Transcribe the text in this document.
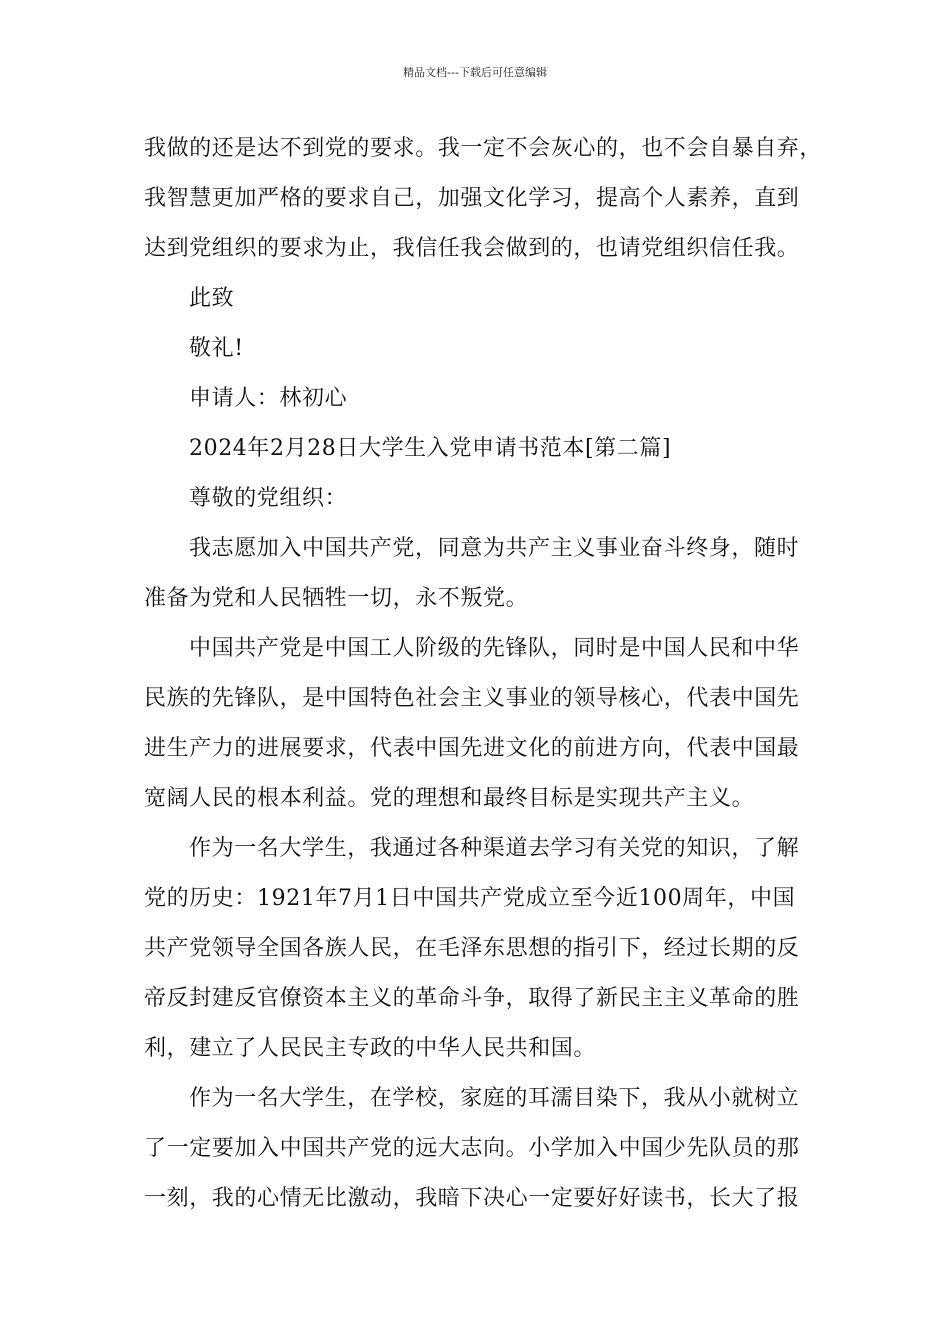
精品文档---下载后可任意编辑
我做的还是达不到党的要求。我一定不会灰心的，也不会自暴自弃，
我智慧更加严格的要求自己，加强文化学习，提高个人素养，直到
达到党组织的要求为止，我信任我会做到的，也请党组织信任我。
此致
敬礼!
申请人：林初心
2024年2月28日大学生入党申请书范本[第二篇]
尊敬的党组织：
我志愿加入中国共产党，同意为共产主义事业奋斗终身，随时
准备为党和人民牺牲一切，永不叛党。
中国共产党是中国工人阶级的先锋队，同时是中国人民和中华
民族的先锋队，是中国特色社会主义事业的领导核心，代表中国先
进生产力的进展要求，代表中国先进文化的前进方向，代表中国最
宽阔人民的根本利益。党的理想和最终目标是实现共产主义。
作为一名大学生，我通过各种渠道去学习有关党的知识，了解
党的历史：1921年7月1日中国共产党成立至今近100周年，中国
共产党领导全国各族人民，在毛泽东思想的指引下，经过长期的反
帝反封建反官僚资本主义的革命斗争，取得了新民主主义革命的胜
利，建立了人民民主专政的中华人民共和国。
作为一名大学生，在学校，家庭的耳濡目染下，我从小就树立
了一定要加入中国共产党的远大志向。小学加入中国少先队员的那
一刻，我的心情无比激动，我暗下决心一定要好好读书，长大了报
